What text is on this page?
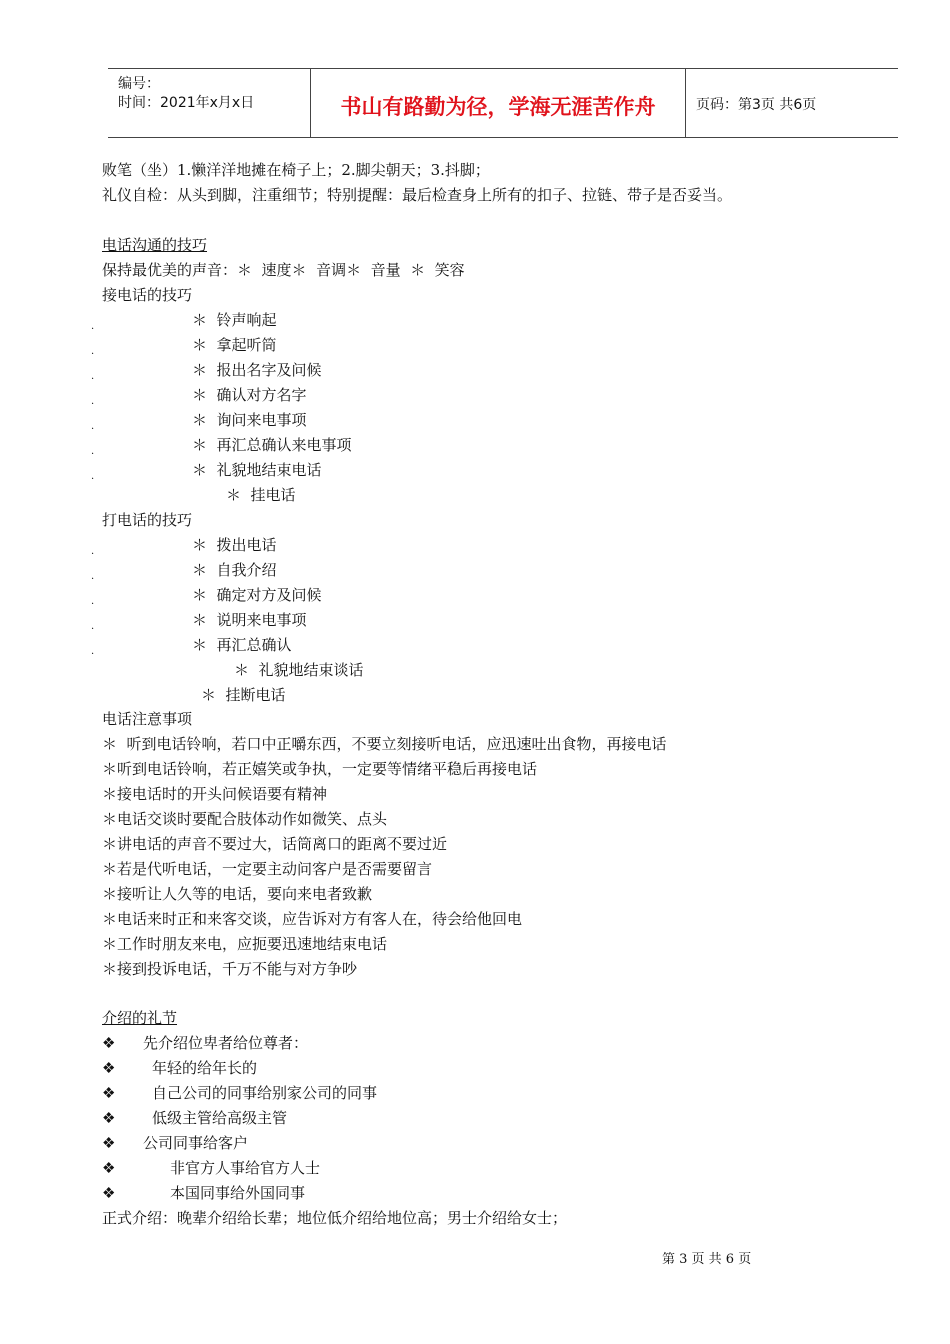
编号：
时间：2021年x月x日	书山有路勤为径，学海无涯苦作舟	页码：第3页 共6页
败笔（坐）1.懒洋洋地摊在椅子上；2.脚尖朝天；3.抖脚；
礼仪自检：从头到脚，注重细节；特别提醒：最后检查身上所有的扣子、拉链、带子是否妥当。
电话沟通的技巧
保持最优美的声音：＊  速度＊  音调＊  音量  ＊  笑容
接电话的技巧
.	＊  铃声响起
.	＊  拿起听筒
.	＊  报出名字及问候
.	＊  确认对方名字
.	＊  询问来电事项
.	＊  再汇总确认来电事项
.	＊  礼貌地结束电话
＊  挂电话
打电话的技巧
.	＊  拨出电话
.	＊  自我介绍
.	＊  确定对方及问候
.	＊  说明来电事项
.	＊  再汇总确认
＊  礼貌地结束谈话
＊  挂断电话
电话注意事项
＊  听到电话铃响，若口中正嚼东西，不要立刻接听电话，应迅速吐出食物，再接电话
＊听到电话铃响，若正嬉笑或争执，一定要等情绪平稳后再接电话
＊接电话时的开头问候语要有精神
＊电话交谈时要配合肢体动作如微笑、点头
＊讲电话的声音不要过大，话筒离口的距离不要过近
＊若是代听电话，一定要主动问客户是否需要留言
＊接听让人久等的电话，要向来电者致歉
＊电话来时正和来客交谈，应告诉对方有客人在，待会给他回电
＊工作时朋友来电，应扼要迅速地结束电话
＊接到投诉电话，千万不能与对方争吵
介绍的礼节
❖ 先介绍位卑者给位尊者：
❖ 年轻的给年长的
❖ 自己公司的同事给别家公司的同事
❖ 低级主管给高级主管
❖ 公司同事给客户
❖	非官方人事给官方人士
❖	本国同事给外国同事
正式介绍：晚辈介绍给长辈；地位低介绍给地位高；男士介绍给女士；
第 3 页 共 6 页
